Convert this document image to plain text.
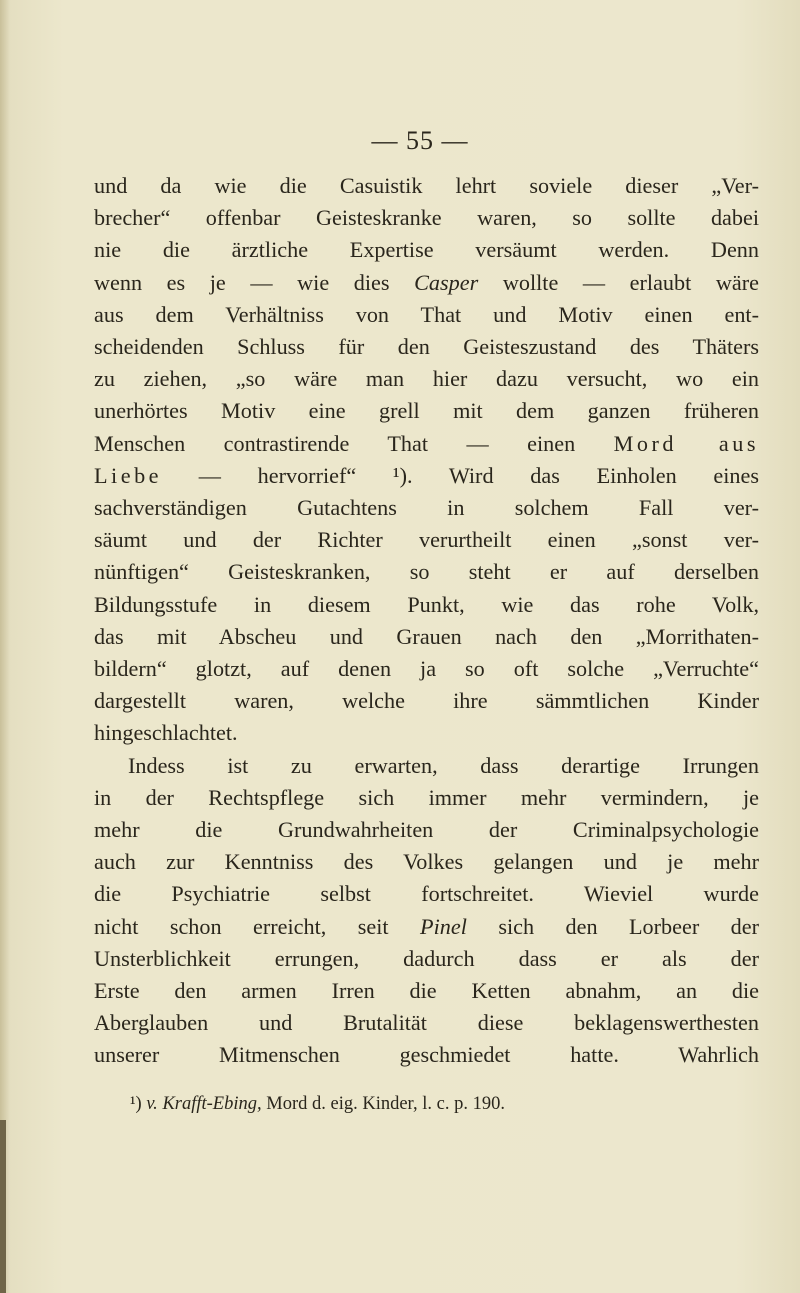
— 55 —
und da wie die Casuistik lehrt soviele dieser „Ver-
brecher“ offenbar Geisteskranke waren, so sollte dabei
nie die ärztliche Expertise versäumt werden. Denn
wenn es je — wie dies Casper wollte — erlaubt wäre
aus dem Verhältniss von That und Motiv einen ent-
scheidenden Schluss für den Geisteszustand des Thäters
zu ziehen, „so wäre man hier dazu versucht, wo ein
unerhörtes Motiv eine grell mit dem ganzen früheren
Menschen contrastirende That — einen Mord aus
Liebe — hervorrief“ ¹). Wird das Einholen eines
sachverständigen Gutachtens in solchem Fall ver-
säumt und der Richter verurtheilt einen „sonst ver-
nünftigen“ Geisteskranken, so steht er auf derselben
Bildungsstufe in diesem Punkt, wie das rohe Volk,
das mit Abscheu und Grauen nach den „Morrithaten-
bildern“ glotzt, auf denen ja so oft solche „Verruchte“
dargestellt waren, welche ihre sämmtlichen Kinder
hingeschlachtet.
Indess ist zu erwarten, dass derartige Irrungen
in der Rechtspflege sich immer mehr vermindern, je
mehr die Grundwahrheiten der Criminalpsychologie
auch zur Kenntniss des Volkes gelangen und je mehr
die Psychiatrie selbst fortschreitet. Wieviel wurde
nicht schon erreicht, seit Pinel sich den Lorbeer der
Unsterblichkeit errungen, dadurch dass er als der
Erste den armen Irren die Ketten abnahm, an die
Aberglauben und Brutalität diese beklagenswerthesten
unserer Mitmenschen geschmiedet hatte. Wahrlich
¹) v. Krafft-Ebing, Mord d. eig. Kinder, l. c. p. 190.
